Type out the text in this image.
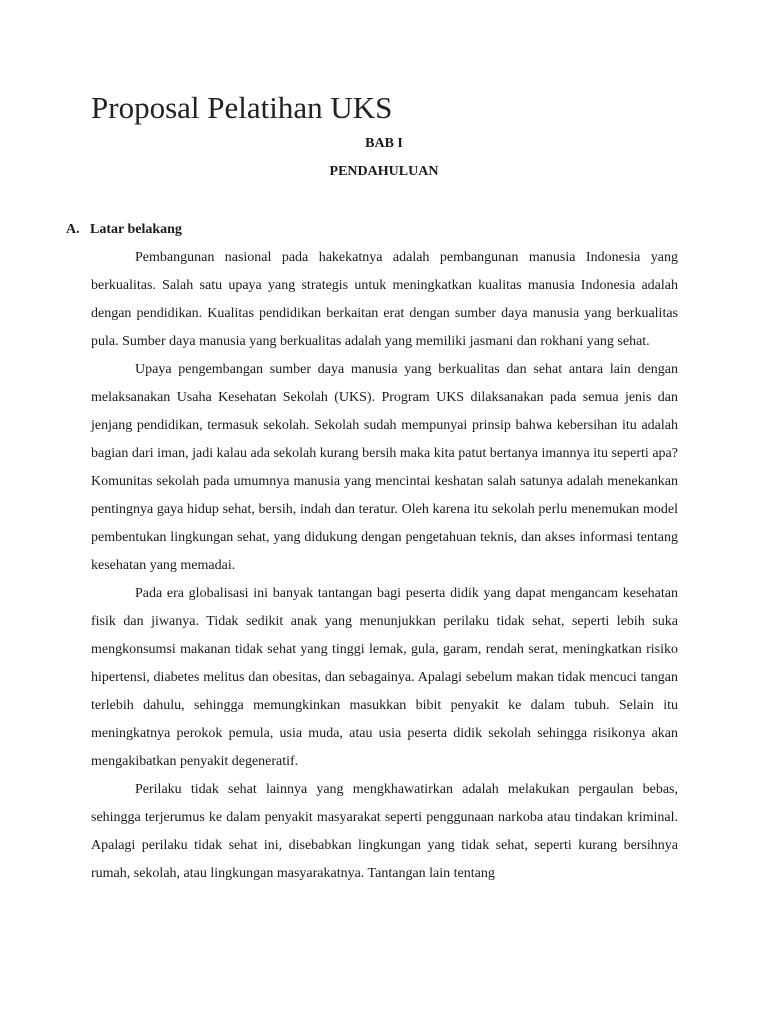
Proposal Pelatihan UKS
BAB I
PENDAHULUAN
A. Latar belakang

Pembangunan nasional pada hakekatnya adalah pembangunan manusia Indonesia yang berkualitas. Salah satu upaya yang strategis untuk meningkatkan kualitas manusia Indonesia adalah dengan pendidikan. Kualitas pendidikan berkaitan erat dengan sumber daya manusia yang berkualitas pula. Sumber daya manusia yang berkualitas adalah yang memiliki jasmani dan rokhani yang sehat.

Upaya pengembangan sumber daya manusia yang berkualitas dan sehat antara lain dengan melaksanakan Usaha Kesehatan Sekolah (UKS). Program UKS dilaksanakan pada semua jenis dan jenjang pendidikan, termasuk sekolah. Sekolah sudah mempunyai prinsip bahwa kebersihan itu adalah bagian dari iman, jadi kalau ada sekolah kurang bersih maka kita patut bertanya imannya itu seperti apa? Komunitas sekolah pada umumnya manusia yang mencintai keshatan salah satunya adalah menekankan pentingnya gaya hidup sehat, bersih, indah dan teratur. Oleh karena itu sekolah perlu menemukan model pembentukan lingkungan sehat, yang didukung dengan pengetahuan teknis, dan akses informasi tentang kesehatan yang memadai.

Pada era globalisasi ini banyak tantangan bagi peserta didik yang dapat mengancam kesehatan fisik dan jiwanya. Tidak sedikit anak yang menunjukkan perilaku tidak sehat, seperti lebih suka mengkonsumsi makanan tidak sehat yang tinggi lemak, gula, garam, rendah serat, meningkatkan risiko hipertensi, diabetes melitus dan obesitas, dan sebagainya. Apalagi sebelum makan tidak mencuci tangan terlebih dahulu, sehingga memungkinkan masukkan bibit penyakit ke dalam tubuh. Selain itu meningkatnya perokok pemula, usia muda, atau usia peserta didik sekolah sehingga risikonya akan mengakibatkan penyakit degeneratif.

Perilaku tidak sehat lainnya yang mengkhawatirkan adalah melakukan pergaulan bebas, sehingga terjerumus ke dalam penyakit masyarakat seperti penggunaan narkoba atau tindakan kriminal. Apalagi perilaku tidak sehat ini, disebabkan lingkungan yang tidak sehat, seperti kurang bersihnya rumah, sekolah, atau lingkungan masyarakatnya. Tantangan lain tentang
